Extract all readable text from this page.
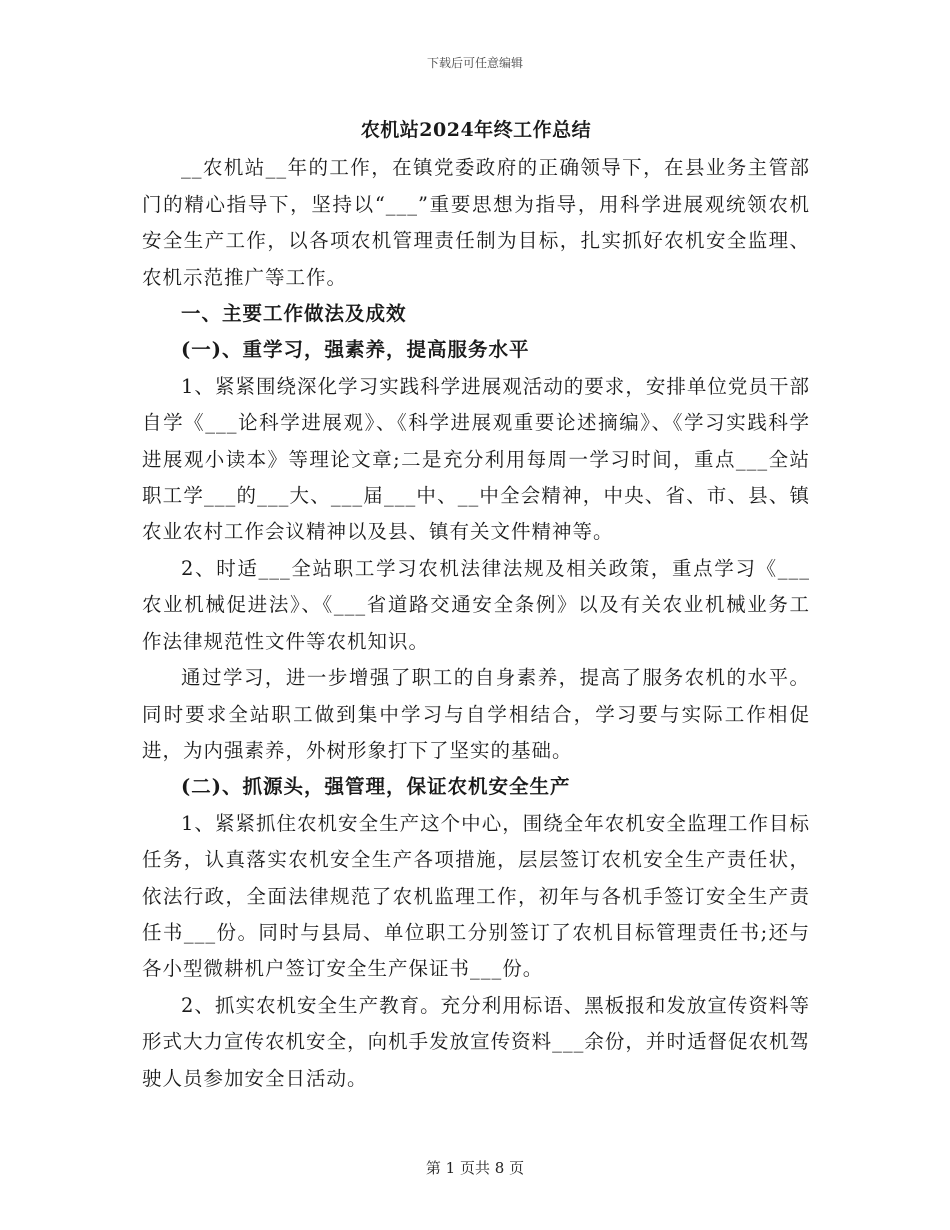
下载后可任意编辑

农机站2024年终工作总结

__农机站__年的工作，在镇党委政府的正确领导下，在县业务主管部门的精心指导下，坚持以“___”重要思想为指导，用科学进展观统领农机安全生产工作，以各项农机管理责任制为目标，扎实抓好农机安全监理、农机示范推广等工作。

一、主要工作做法及成效

(一)、重学习，强素养，提高服务水平

1、紧紧围绕深化学习实践科学进展观活动的要求，安排单位党员干部自学《___论科学进展观》、《科学进展观重要论述摘编》、《学习实践科学进展观小读本》等理论文章;二是充分利用每周一学习时间，重点___全站职工学___的___大、___届___中、__中全会精神，中央、省、市、县、镇农业农村工作会议精神以及县、镇有关文件精神等。

2、时适___全站职工学习农机法律法规及相关政策，重点学习《___农业机械促进法》、《___省道路交通安全条例》以及有关农业机械业务工作法律规范性文件等农机知识。

通过学习，进一步增强了职工的自身素养，提高了服务农机的水平。同时要求全站职工做到集中学习与自学相结合，学习要与实际工作相促进，为内强素养，外树形象打下了坚实的基础。

(二)、抓源头，强管理，保证农机安全生产

1、紧紧抓住农机安全生产这个中心，围绕全年农机安全监理工作目标任务，认真落实农机安全生产各项措施，层层签订农机安全生产责任状，依法行政，全面法律规范了农机监理工作，初年与各机手签订安全生产责任书___份。同时与县局、单位职工分别签订了农机目标管理责任书;还与各小型微耕机户签订安全生产保证书___份。

2、抓实农机安全生产教育。充分利用标语、黑板报和发放宣传资料等形式大力宣传农机安全，向机手发放宣传资料___余份，并时适督促农机驾驶人员参加安全日活动。

第 1 页共 8 页
